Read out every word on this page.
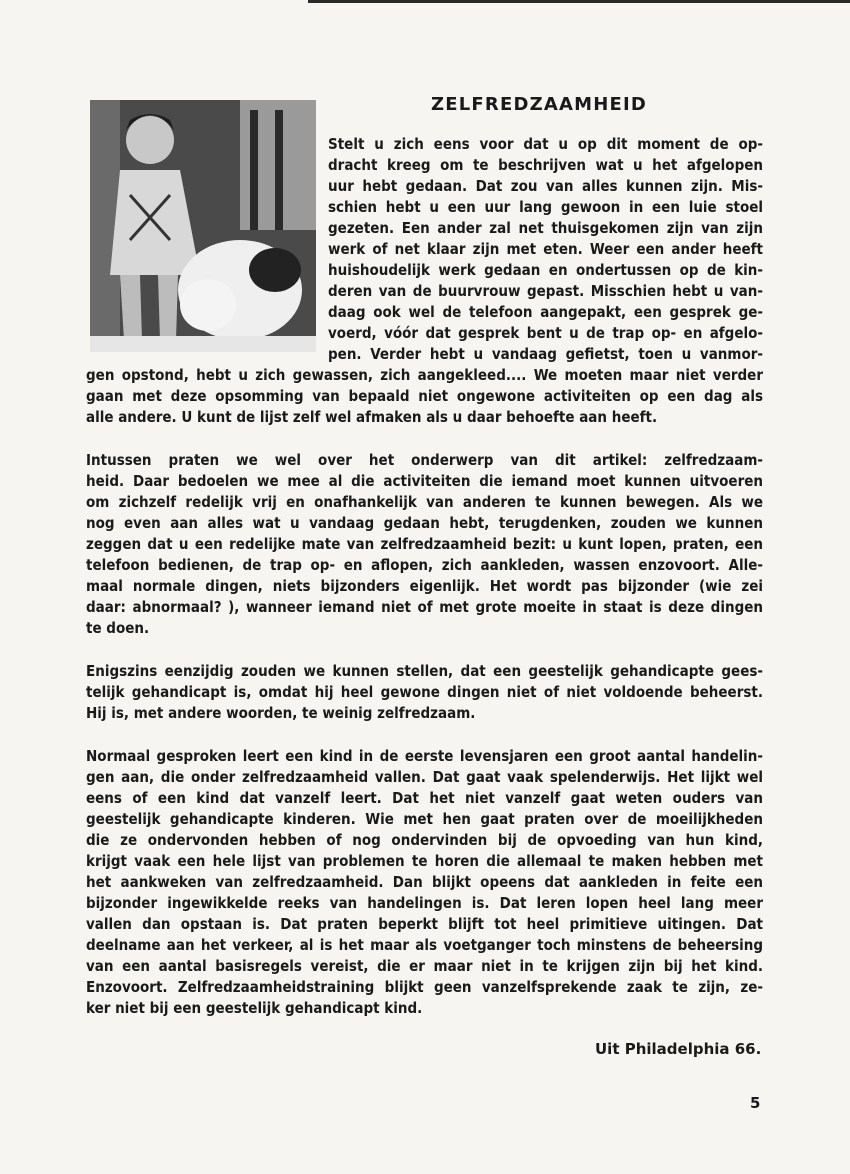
ZELFREDZAAMHEID

Stelt u zich eens voor dat u op dit moment de op-

dracht kreeg om te beschrijven wat u het afgelopen

uur hebt gedaan. Dat zou van alles kunnen zijn. Mis-

schien hebt u een uur lang gewoon in een luie stoel

gezeten. Een ander zal net thuisgekomen zijn van zijn

werk of net klaar zijn met eten. Weer een ander heeft

huishoudelijk werk gedaan en ondertussen op de kin-

deren van de buurvrouw gepast. Misschien hebt u van-

daag ook wel de telefoon aangepakt, een gesprek ge-

voerd, vóór dat gesprek bent u de trap op- en afgelo-

pen. Verder hebt u vandaag gefietst, toen u vanmor-

gen opstond, hebt u zich gewassen, zich aangekleed.... We moeten maar niet verder

gaan met deze opsomming van bepaald niet ongewone activiteiten op een dag als

alle andere. U kunt de lijst zelf wel afmaken als u daar behoefte aan heeft.

Intussen praten we wel over het onderwerp van dit artikel: zelfredzaam-

heid. Daar bedoelen we mee al die activiteiten die iemand moet kunnen uitvoeren

om zichzelf redelijk vrij en onafhankelijk van anderen te kunnen bewegen. Als we

nog even aan alles wat u vandaag gedaan hebt, terugdenken, zouden we kunnen

zeggen dat u een redelijke mate van zelfredzaamheid bezit: u kunt lopen, praten, een

telefoon bedienen, de trap op- en aflopen, zich aankleden, wassen enzovoort. Alle-

maal normale dingen, niets bijzonders eigenlijk. Het wordt pas bijzonder (wie zei

daar: abnormaal? ), wanneer iemand niet of met grote moeite in staat is deze dingen

te doen.

Enigszins eenzijdig zouden we kunnen stellen, dat een geestelijk gehandicapte gees-

telijk gehandicapt is, omdat hij heel gewone dingen niet of niet voldoende beheerst.

Hij is, met andere woorden, te weinig zelfredzaam.

Normaal gesproken leert een kind in de eerste levensjaren een groot aantal handelin-

gen aan, die onder zelfredzaamheid vallen. Dat gaat vaak spelenderwijs. Het lijkt wel

eens of een kind dat vanzelf leert. Dat het niet vanzelf gaat weten ouders van

geestelijk gehandicapte kinderen. Wie met hen gaat praten over de moeilijkheden

die ze ondervonden hebben of nog ondervinden bij de opvoeding van hun kind,

krijgt vaak een hele lijst van problemen te horen die allemaal te maken hebben met

het aankweken van zelfredzaamheid. Dan blijkt opeens dat aankleden in feite een

bijzonder ingewikkelde reeks van handelingen is. Dat leren lopen heel lang meer

vallen dan opstaan is. Dat praten beperkt blijft tot heel primitieve uitingen. Dat

deelname aan het verkeer, al is het maar als voetganger toch minstens de beheersing

van een aantal basisregels vereist, die er maar niet in te krijgen zijn bij het kind.

Enzovoort. Zelfredzaamheidstraining blijkt geen vanzelfsprekende zaak te zijn, ze-

ker niet bij een geestelijk gehandicapt kind.

Uit Philadelphia 66.

5
